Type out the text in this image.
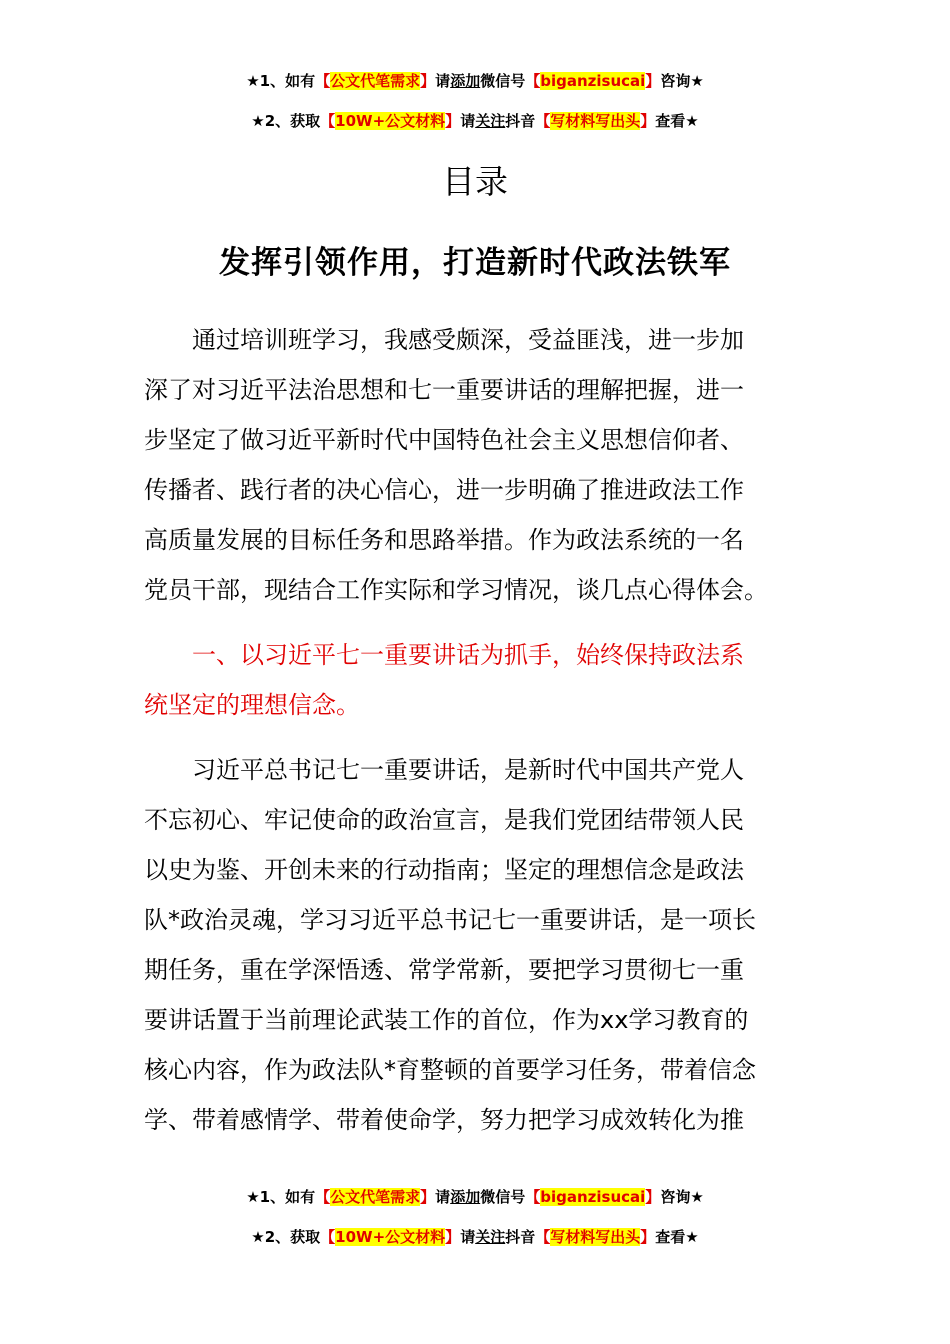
★1、如有【公文代笔需求】请添加微信号【biganzisucai】咨询★
★2、获取【10W+公文材料】请关注抖音【写材料写出头】查看★
目录
发挥引领作用，打造新时代政法铁军
通过培训班学习，我感受颇深，受益匪浅，进一步加
深了对习近平法治思想和七一重要讲话的理解把握，进一
步坚定了做习近平新时代中国特色社会主义思想信仰者、
传播者、践行者的决心信心，进一步明确了推进政法工作
高质量发展的目标任务和思路举措。作为政法系统的一名
党员干部，现结合工作实际和学习情况，谈几点心得体会。
一、以习近平七一重要讲话为抓手，始终保持政法系
统坚定的理想信念。
习近平总书记七一重要讲话，是新时代中国共产党人
不忘初心、牢记使命的政治宣言，是我们党团结带领人民
以史为鉴、开创未来的行动指南；坚定的理想信念是政法
队*政治灵魂，学习习近平总书记七一重要讲话，是一项长
期任务，重在学深悟透、常学常新，要把学习贯彻七一重
要讲话置于当前理论武装工作的首位，作为xx学习教育的
核心内容，作为政法队*育整顿的首要学习任务，带着信念
学、带着感情学、带着使命学，努力把学习成效转化为推
★1、如有【公文代笔需求】请添加微信号【biganzisucai】咨询★
★2、获取【10W+公文材料】请关注抖音【写材料写出头】查看★
